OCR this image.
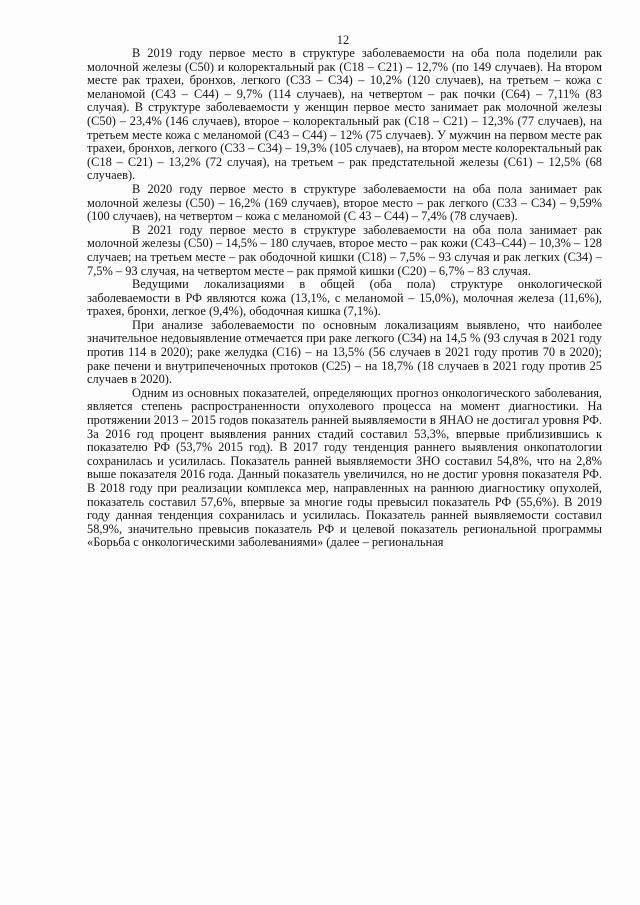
12

В 2019 году первое место в структуре заболеваемости на оба пола поделили рак молочной железы (C50) и колоректальный рак (C18 – C21) – 12,7% (по 149 случаев). На втором месте рак трахеи, бронхов, легкого (C33 – C34) – 10,2% (120 случаев), на третьем – кожа с меланомой (C43 – C44) – 9,7% (114 случаев), на четвертом – рак почки (C64) – 7,11% (83 случая). В структуре заболеваемости у женщин первое место занимает рак молочной железы (C50) – 23,4% (146 случаев), второе – колоректальный рак (C18 – C21) – 12,3% (77 случаев), на третьем месте кожа с меланомой (C43 – C44) – 12% (75 случаев). У мужчин на первом месте рак трахеи, бронхов, легкого (C33 – C34) – 19,3% (105 случаев), на втором месте колоректальный рак (C18 – C21) – 13,2% (72 случая), на третьем – рак предстательной железы (C61) – 12,5% (68 случаев).

В 2020 году первое место в структуре заболеваемости на оба пола занимает рак молочной железы (C50) – 16,2% (169 случаев), второе место – рак легкого (C33 – C34) – 9,59% (100 случаев), на четвертом – кожа с меланомой (C 43 – C44) – 7,4% (78 случаев).

В 2021 году первое место в структуре заболеваемости на оба пола занимает рак молочной железы (C50) – 14,5% – 180 случаев, второе место – рак кожи (C43–C44) – 10,3% – 128 случаев; на третьем месте – рак ободочной кишки (C18) – 7,5% – 93 случая и рак легких (C34) – 7,5% – 93 случая, на четвертом месте – рак прямой кишки (C20) – 6,7% – 83 случая.

Ведущими локализациями в общей (оба пола) структуре онкологической заболеваемости в РФ являются кожа (13,1%, с меланомой – 15,0%), молочная железа (11,6%), трахея, бронхи, легкое (9,4%), ободочная кишка (7,1%).

При анализе заболеваемости по основным локализациям выявлено, что наиболее значительное недовыявление отмечается при раке легкого (C34) на 14,5 % (93 случая в 2021 году против 114 в 2020); раке желудка (C16) – на 13,5% (56 случаев в 2021 году против 70 в 2020); раке печени и внутрипеченочных протоков (C25) – на 18,7% (18 случаев в 2021 году против 25 случаев в 2020).

Одним из основных показателей, определяющих прогноз онкологического заболевания, является степень распространенности опухолевого процесса на момент диагностики. На протяжении 2013 – 2015 годов показатель ранней выявляемости в ЯНАО не достигал уровня РФ. За 2016 год процент выявления ранних стадий составил 53,3%, впервые приблизившись к показателю РФ (53,7% 2015 год). В 2017 году тенденция раннего выявления онкопатологии сохранилась и усилилась. Показатель ранней выявляемости ЗНО составил 54,8%, что на 2,8% выше показателя 2016 года. Данный показатель увеличился, но не достиг уровня показателя РФ. В 2018 году при реализации комплекса мер, направленных на раннюю диагностику опухолей, показатель составил 57,6%, впервые за многие годы превысил показатель РФ (55,6%). В 2019 году данная тенденция сохранилась и усилилась. Показатель ранней выявляемости составил 58,9%, значительно превысив показатель РФ и целевой показатель региональной программы «Борьба с онкологическими заболеваниями» (далее – региональная
